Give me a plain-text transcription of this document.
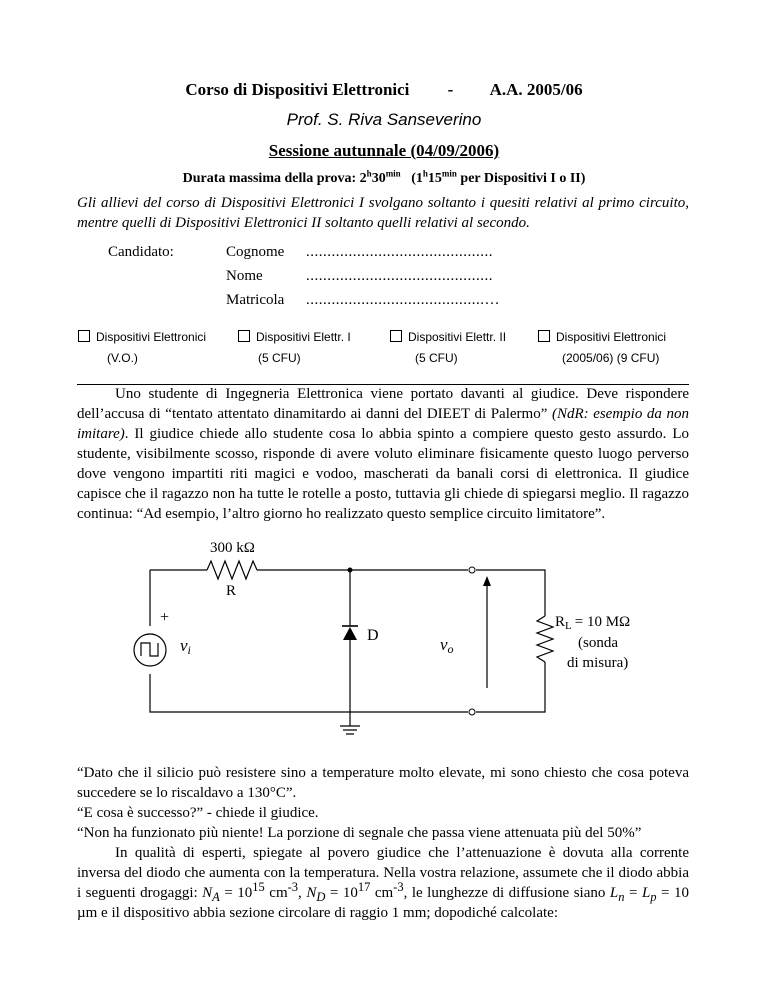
Corso di Dispositivi Elettronici - A.A. 2005/06
Prof. S. Riva Sanseverino
Sessione autunnale (04/09/2006)
Durata massima della prova: $2^h30^{min}$   ($1^h15^{min}$ per Dispositivi I o II)
Gli allievi del corso di Dispositivi Elettronici I svolgano soltanto i quesiti relativi al primo circuito, mentre quelli di Dispositivi Elettronici II soltanto quelli relativi al secondo.
Candidato:	Cognome ............................................
Nome	............................................
Matricola ..........................................…
Dispositivi Elettronici
(V.O.)
Dispositivi Elettr. I
(5 CFU)
Dispositivi Elettr. II
(5 CFU)
Dispositivi Elettronici
(2005/06) (9 CFU)

Uno studente di Ingegneria Elettronica viene portato davanti al giudice. Deve rispondere dell’accusa di “tentato attentato dinamitardo ai danni del DIEET di Palermo” (NdR: esempio da non imitare). Il giudice chiede allo studente cosa lo abbia spinto a compiere questo gesto assurdo. Lo studente, visibilmente scosso, risponde di avere voluto eliminare fisicamente questo luogo perverso dove vengono impartiti riti magici e vodoo, mascherati da banali corsi di elettronica. Il giudice capisce che il ragazzo non ha tutte le rotelle a posto, tuttavia gli chiede di spiegarsi meglio. Il ragazzo continua: “Ad esempio, l’altro giorno ho realizzato questo semplice circuito limitatore”.

300 kΩ
R
+
vi
D	vo
$R_L = 10$ MΩ
(sonda
di misura)

“Dato che il silicio può resistere sino a temperature molto elevate, mi sono chiesto che cosa poteva succedere se lo riscaldavo a 130°C”.

“E cosa è successo?” - chiede il giudice.

“Non ha funzionato più niente! La porzione di segnale che passa viene attenuata più del 50%”

In qualità di esperti, spiegate al povero giudice che l’attenuazione è dovuta alla corrente inversa del diodo che aumenta con la temperatura. Nella vostra relazione, assumete che il diodo abbia i seguenti drogaggi: $N_A = 10^{15}$ $cm^{-3}$, $N_D = 10^{17}$ $cm^{-3}$, le lunghezze di diffusione siano $L_n = L_p = 10$ µm e il dispositivo abbia sezione circolare di raggio 1 mm; dopodiché calcolate:
